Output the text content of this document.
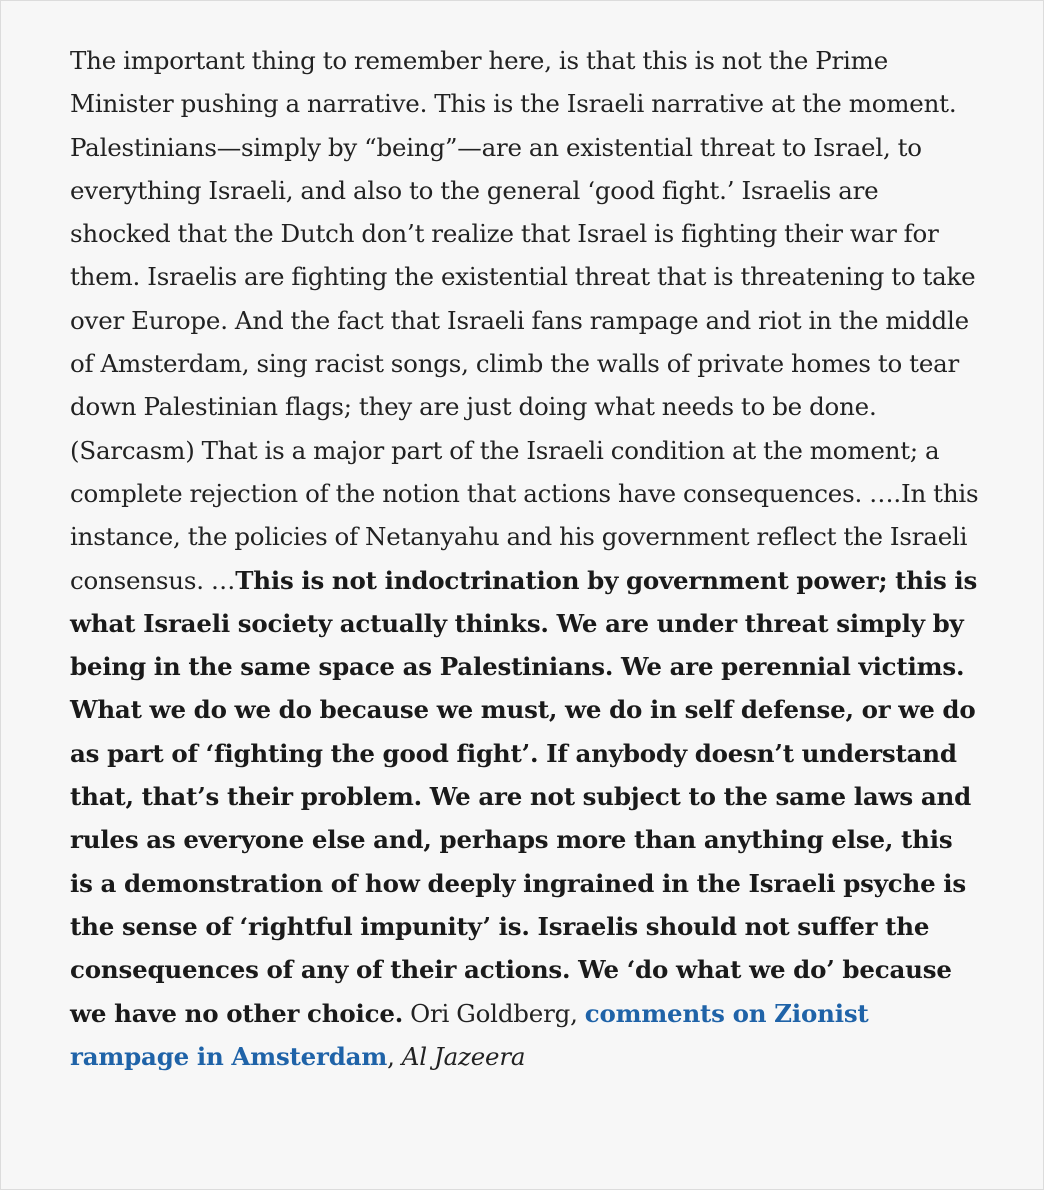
The important thing to remember here, is that this is not the Prime Minister pushing a narrative. This is the Israeli narrative at the moment. Palestinians—simply by “being”—are an existential threat to Israel, to everything Israeli, and also to the general ‘good fight.’ Israelis are shocked that the Dutch don’t realize that Israel is fighting their war for them. Israelis are fighting the existential threat that is threatening to take over Europe. And the fact that Israeli fans rampage and riot in the middle of Amsterdam, sing racist songs, climb the walls of private homes to tear down Palestinian flags; they are just doing what needs to be done. (Sarcasm) That is a major part of the Israeli condition at the moment; a complete rejection of the notion that actions have consequences. ….In this instance, the policies of Netanyahu and his government reflect the Israeli consensus. …This is not indoctrination by government power; this is what Israeli society actually thinks. We are under threat simply by being in the same space as Palestinians. We are perennial victims. What we do we do because we must, we do in self defense, or we do as part of ‘fighting the good fight’. If anybody doesn’t understand that, that’s their problem. We are not subject to the same laws and rules as everyone else and, perhaps more than anything else, this is a demonstration of how deeply ingrained in the Israeli psyche is the sense of ‘rightful impunity’ is. Israelis should not suffer the consequences of any of their actions. We ‘do what we do’ because we have no other choice. Ori Goldberg, comments on Zionist rampage in Amsterdam, Al Jazeera
